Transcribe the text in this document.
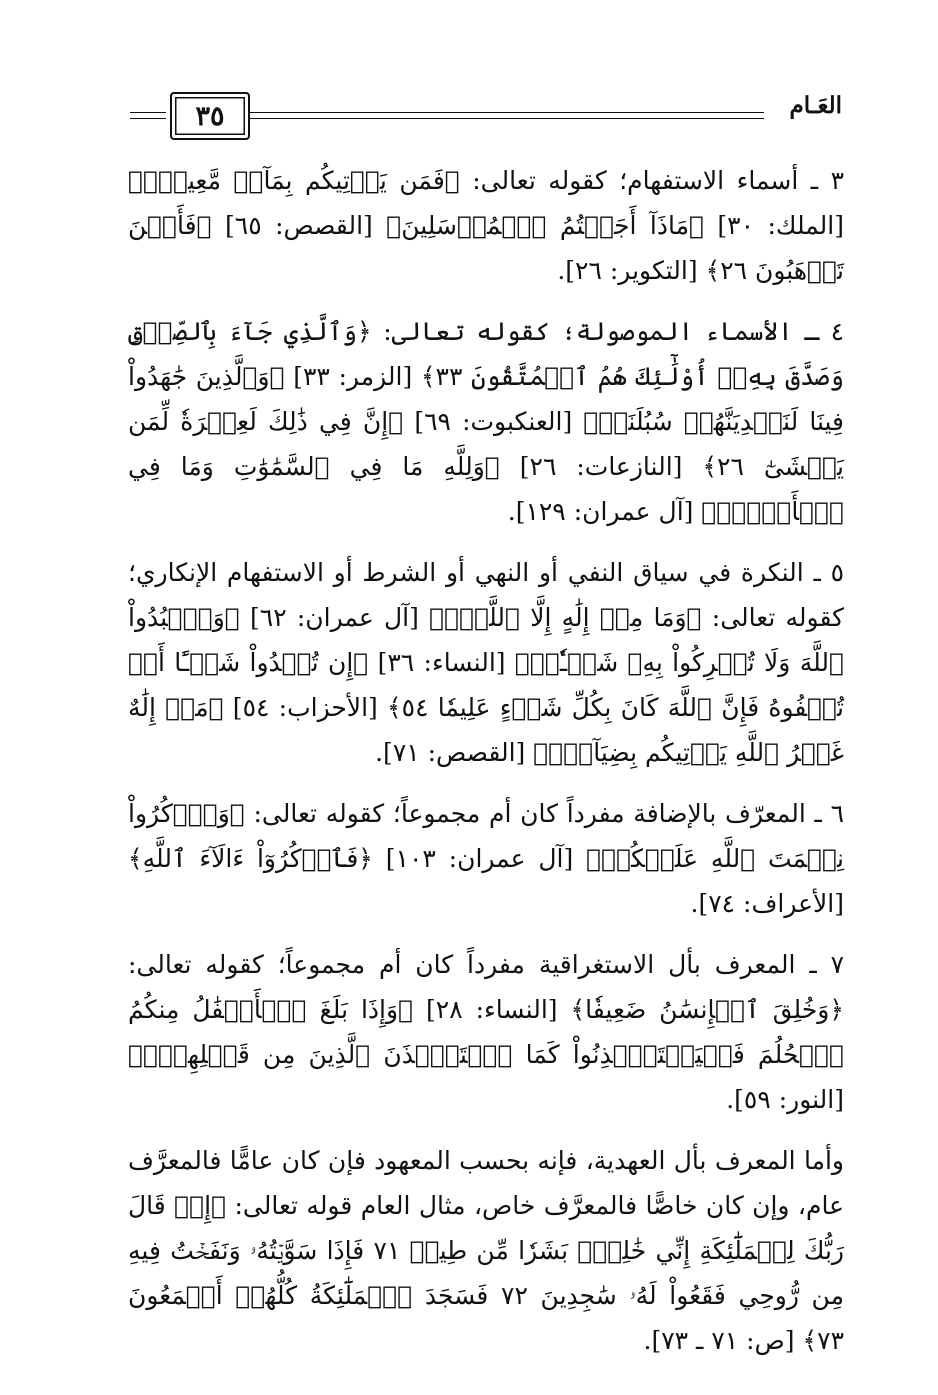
٣٥	العَـام

٣ ـ أسماء الاستفهام؛ كقوله تعالى: ﴿فَمَن يَأۡتِيكُم بِمَآءٖ مَّعِينِۭ﴾ [الملك: ٣٠] ﴿مَاذَآ أَجَبۡتُمُ ٱلۡمُرۡسَلِينَ﴾ [القصص: ٦٥] ﴿فَأَيۡنَ تَذۡهَبُونَ ٢٦﴾ [التكوير: ٢٦].

٤ ـ الأسماء الموصولة؛ كقوله تعالى: ﴿وَٱلَّذِي جَآءَ بِٱلصِّدۡقِ وَصَدَّقَ بِهِۦٓ أُوْلَٰٓئِكَ هُمُ ٱلۡمُتَّقُونَ ٣٣﴾ [الزمر: ٣٣] ﴿وَٱلَّذِينَ جَٰهَدُواْ فِينَا لَنَهۡدِيَنَّهُمۡ سُبُلَنَاۚ﴾ [العنكبوت: ٦٩] ﴿إِنَّ فِي ذَٰلِكَ لَعِبۡرَةٗ لِّمَن يَخۡشَىٰٓ ٢٦﴾ [النازعات: ٢٦] ﴿وَلِلَّهِ مَا فِي ٱلسَّمَٰوَٰتِ وَمَا فِي ٱلۡأَرۡضِۚ﴾ [آل عمران: ١٢٩].

٥ ـ النكرة في سياق النفي أو النهي أو الشرط أو الاستفهام الإنكاري؛ كقوله تعالى: ﴿وَمَا مِنۡ إِلَٰهٍ إِلَّا ٱللَّهُۚ﴾ [آل عمران: ٦٢] ﴿وَٱعۡبُدُواْ ٱللَّهَ وَلَا تُشۡرِكُواْ بِهِۦ شَيۡـٔٗاۖ﴾ [النساء: ٣٦] ﴿إِن تُبۡدُواْ شَيۡـًٔا أَوۡ تُخۡفُوهُ فَإِنَّ ٱللَّهَ كَانَ بِكُلِّ شَيۡءٍ عَلِيمٗا ٥٤﴾ [الأحزاب: ٥٤] ﴿مَنۡ إِلَٰهٌ غَيۡرُ ٱللَّهِ يَأۡتِيكُم بِضِيَآءٍۖ﴾ [القصص: ٧١].

٦ ـ المعرّف بالإضافة مفرداً كان أم مجموعاً؛ كقوله تعالى: ﴿وَٱذۡكُرُواْ نِعۡمَتَ ٱللَّهِ عَلَيۡكُمۡ﴾ [آل عمران: ١٠٣] ﴿فَٱذۡكُرُوٓاْ ءَالَآءَ ٱللَّهِ﴾ [الأعراف: ٧٤].

٧ ـ المعرف بأل الاستغراقية مفرداً كان أم مجموعاً؛ كقوله تعالى: ﴿وَخُلِقَ ٱلۡإِنسَٰنُ ضَعِيفٗا﴾ [النساء: ٢٨] ﴿وَإِذَا بَلَغَ ٱلۡأَطۡفَٰلُ مِنكُمُ ٱلۡحُلُمَ فَلۡيَسۡتَـٔۡذِنُواْ كَمَا ٱسۡتَـٔۡذَنَ ٱلَّذِينَ مِن قَبۡلِهِمۡۚ﴾ [النور: ٥٩].

وأما المعرف بأل العهدية، فإنه بحسب المعهود فإن كان عامًّا فالمعرَّف عام، وإن كان خاصًّا فالمعرَّف خاص، مثال العام قوله تعالى: ﴿إِذۡ قَالَ رَبُّكَ لِلۡمَلَٰٓئِكَةِ إِنِّي خَٰلِقُۢ بَشَرٗا مِّن طِينٖ ٧١ فَإِذَا سَوَّيۡتُهُۥ وَنَفَخۡتُ فِيهِ مِن رُّوحِي فَقَعُواْ لَهُۥ سَٰجِدِينَ ٧٢ فَسَجَدَ ٱلۡمَلَٰٓئِكَةُ كُلُّهُمۡ أَجۡمَعُونَ ٧٣﴾ [ص: ٧١ ـ ٧٣].
